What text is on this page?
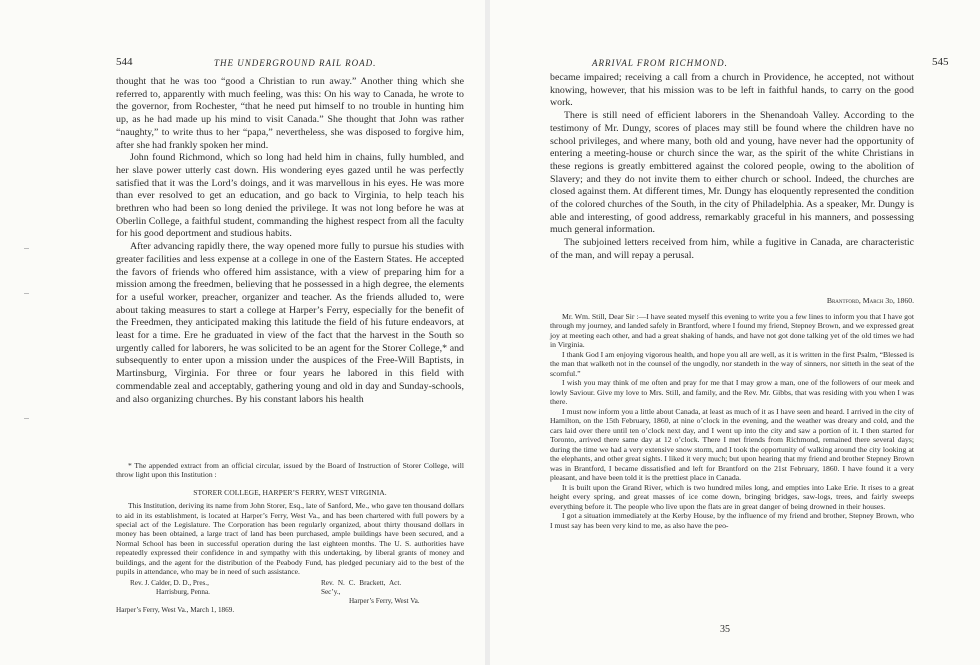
544	THE UNDERGROUND RAIL ROAD.

thought that he was too “good a Christian to run away.” Another thing which she referred to, apparently with much feeling, was this: On his way to Canada, he wrote to the governor, from Rochester, “that he need put himself to no trouble in hunting him up, as he had made up his mind to visit Canada.” She thought that John was rather “naughty,” to write thus to her “papa,” nevertheless, she was disposed to forgive him, after she had frankly spoken her mind.

John found Richmond, which so long had held him in chains, fully humbled, and her slave power utterly cast down. His wondering eyes gazed until he was perfectly satisfied that it was the Lord’s doings, and it was marvellous in his eyes. He was more than ever resolved to get an education, and go back to Virginia, to help teach his brethren who had been so long denied the privilege. It was not long before he was at Oberlin College, a faithful student, commanding the highest respect from all the faculty for his good deportment and studious habits.

After advancing rapidly there, the way opened more fully to pursue his studies with greater facilities and less expense at a college in one of the Eastern States. He accepted the favors of friends who offered him assistance, with a view of preparing him for a mission among the freedmen, believing that he possessed in a high degree, the elements for a useful worker, preacher, organizer and teacher. As the friends alluded to, were about taking measures to start a college at Harper’s Ferry, especially for the benefit of the Freedmen, they anticipated making this latitude the field of his future endeavors, at least for a time. Ere he graduated in view of the fact that the harvest in the South so urgently called for laborers, he was solicited to be an agent for the Storer College,* and subsequently to enter upon a mission under the auspices of the Free-Will Baptists, in Martinsburg, Virginia. For three or four years he labored in this field with commendable zeal and acceptably, gathering young and old in day and Sunday-schools, and also organizing churches. By his constant labors his health

* The appended extract from an official circular, issued by the Board of Instruction of Storer College, will throw light upon this Institution :

STORER COLLEGE, HARPER’S FERRY, WEST VIRGINIA.

This Institution, deriving its name from John Storer, Esq., late of Sanford, Me., who gave ten thousand dollars to aid in its establishment, is located at Harper’s Ferry, West Va., and has been chartered with full powers by a special act of the Legislature. The Corporation has been regularly organized, about thirty thousand dollars in money has been obtained, a large tract of land has been purchased, ample buildings have been secured, and a Normal School has been in successful operation during the last eighteen months. The U. S. authorities have repeatedly expressed their confidence in and sympathy with this undertaking, by liberal grants of money and buildings, and the agent for the distribution of the Peabody Fund, has pledged pecuniary aid to the best of the pupils in attendance, who may be in need of such assistance.

Rev. J. Calder, D. D., Pres.,
Harrisburg, Penna.
Rev. N. C. Brackett, Act. Sec’y.,
Harper’s Ferry, West Va.
Harper’s Ferry, West Va., March 1, 1869.
ARRIVAL FROM RICHMOND.	545

became impaired; receiving a call from a church in Providence, he accepted, not without knowing, however, that his mission was to be left in faithful hands, to carry on the good work.

There is still need of efficient laborers in the Shenandoah Valley. According to the testimony of Mr. Dungy, scores of places may still be found where the children have no school privileges, and where many, both old and young, have never had the opportunity of entering a meeting-house or church since the war, as the spirit of the white Christians in these regions is greatly embittered against the colored people, owing to the abolition of Slavery; and they do not invite them to either church or school. Indeed, the churches are closed against them. At different times, Mr. Dungy has eloquently represented the condition of the colored churches of the South, in the city of Philadelphia. As a speaker, Mr. Dungy is able and interesting, of good address, remarkably graceful in his manners, and possessing much general information.

The subjoined letters received from him, while a fugitive in Canada, are characteristic of the man, and will repay a perusal.

Brantford, March 3d, 1860.

Mr. Wm. Still, Dear Sir :—I have seated myself this evening to write you a few lines to inform you that I have got through my journey, and landed safely in Brantford, where I found my friend, Stepney Brown, and we expressed great joy at meeting each other, and had a great shaking of hands, and have not got done talking yet of the old times we had in Virginia.

I thank God I am enjoying vigorous health, and hope you all are well, as it is written in the first Psalm, “Blessed is the man that walketh not in the counsel of the ungodly, nor standeth in the way of sinners, nor sitteth in the seat of the scornful.”

I wish you may think of me often and pray for me that I may grow a man, one of the followers of our meek and lowly Saviour. Give my love to Mrs. Still, and family, and the Rev. Mr. Gibbs, that was residing with you when I was there.

I must now inform you a little about Canada, at least as much of it as I have seen and heard. I arrived in the city of Hamilton, on the 15th February, 1860, at nine o’clock in the evening, and the weather was dreary and cold, and the cars laid over there until ten o’clock next day, and I went up into the city and saw a portion of it. I then started for Toronto, arrived there same day at 12 o’clock. There I met friends from Richmond, remained there several days; during the time we had a very extensive snow storm, and I took the opportunity of walking around the city looking at the elephants, and other great sights. I liked it very much; but upon hearing that my friend and brother Stepney Brown was in Brantford, I became dissatisfied and left for Brantford on the 21st February, 1860. I have found it a very pleasant, and have been told it is the prettiest place in Canada.

It is built upon the Grand River, which is two hundred miles long, and empties into Lake Erie. It rises to a great height every spring, and great masses of ice come down, bringing bridges, saw-logs, trees, and fairly sweeps everything before it. The people who live upon the flats are in great danger of being drowned in their houses.

I got a situation immediately at the Kerby House, by the influence of my friend and brother, Stepney Brown, who I must say has been very kind to me, as also have the peo-

35
